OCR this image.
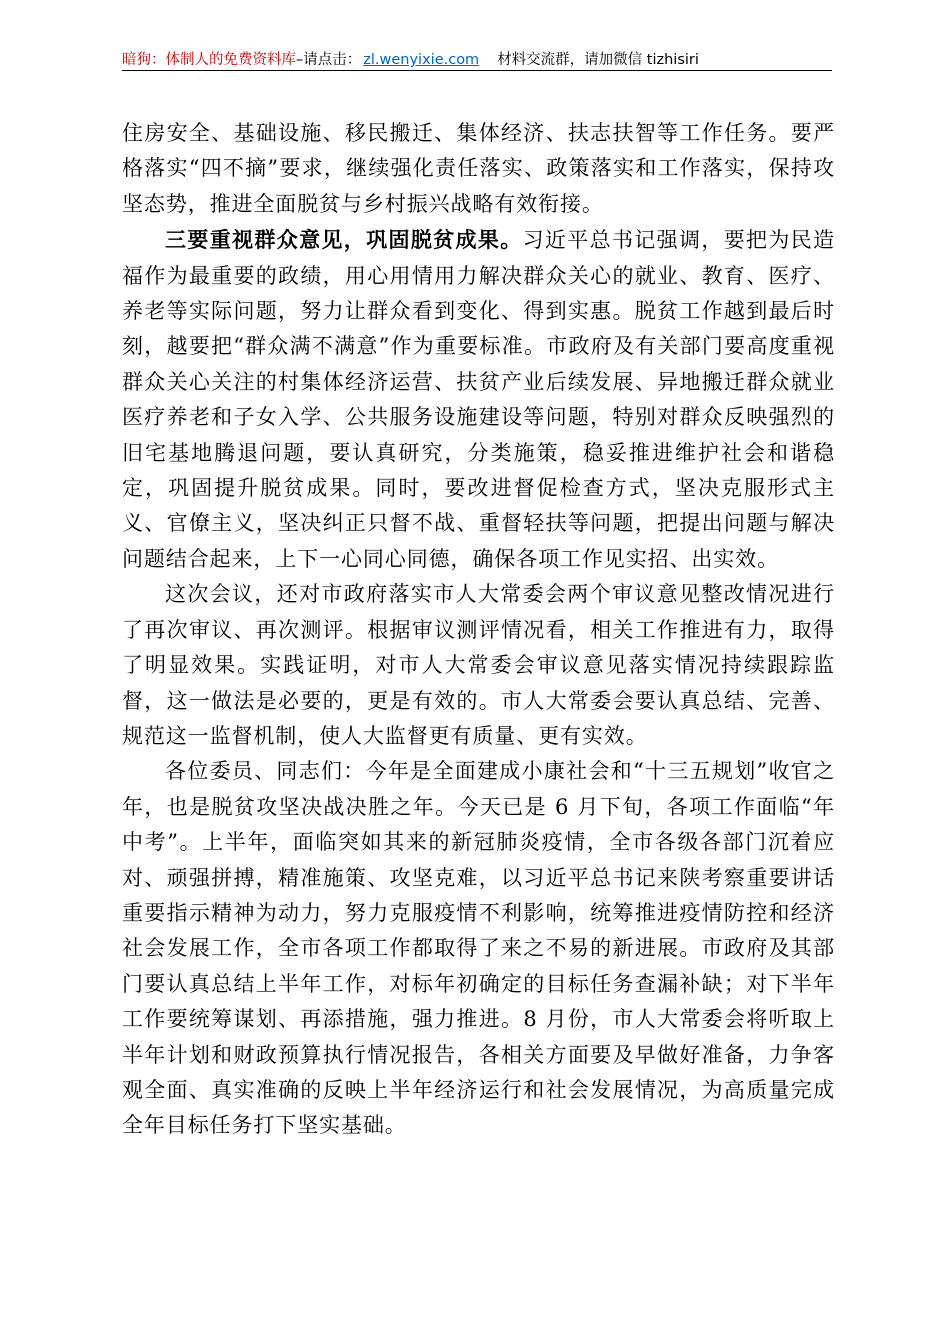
暗狗：体制人的免费资料库–请点击： zl.wenyixie.com 材料交流群，请加微信 tizhisiri

住房安全、基础设施、移民搬迁、集体经济、扶志扶智等工作任务。要严格落实“四不摘”要求，继续强化责任落实、政策落实和工作落实，保持攻坚态势，推进全面脱贫与乡村振兴战略有效衔接。

三要重视群众意见，巩固脱贫成果。习近平总书记强调，要把为民造福作为最重要的政绩，用心用情用力解决群众关心的就业、教育、医疗、养老等实际问题，努力让群众看到变化、得到实惠。脱贫工作越到最后时刻，越要把“群众满不满意”作为重要标准。市政府及有关部门要高度重视群众关心关注的村集体经济运营、扶贫产业后续发展、异地搬迁群众就业医疗养老和子女入学、公共服务设施建设等问题，特别对群众反映强烈的旧宅基地腾退问题，要认真研究，分类施策，稳妥推进维护社会和谐稳定，巩固提升脱贫成果。同时，要改进督促检查方式，坚决克服形式主义、官僚主义，坚决纠正只督不战、重督轻扶等问题，把提出问题与解决问题结合起来，上下一心同心同德，确保各项工作见实招、出实效。

这次会议，还对市政府落实市人大常委会两个审议意见整改情况进行了再次审议、再次测评。根据审议测评情况看，相关工作推进有力，取得了明显效果。实践证明，对市人大常委会审议意见落实情况持续跟踪监督，这一做法是必要的，更是有效的。市人大常委会要认真总结、完善、规范这一监督机制，使人大监督更有质量、更有实效。

各位委员、同志们：今年是全面建成小康社会和“十三五规划”收官之年，也是脱贫攻坚决战决胜之年。今天已是 6 月下旬，各项工作面临“年中考”。上半年，面临突如其来的新冠肺炎疫情，全市各级各部门沉着应对、顽强拼搏，精准施策、攻坚克难，以习近平总书记来陕考察重要讲话重要指示精神为动力，努力克服疫情不利影响，统筹推进疫情防控和经济社会发展工作，全市各项工作都取得了来之不易的新进展。市政府及其部门要认真总结上半年工作，对标年初确定的目标任务查漏补缺；对下半年工作要统筹谋划、再添措施，强力推进。8 月份，市人大常委会将听取上半年计划和财政预算执行情况报告，各相关方面要及早做好准备，力争客观全面、真实准确的反映上半年经济运行和社会发展情况，为高质量完成全年目标任务打下坚实基础。
